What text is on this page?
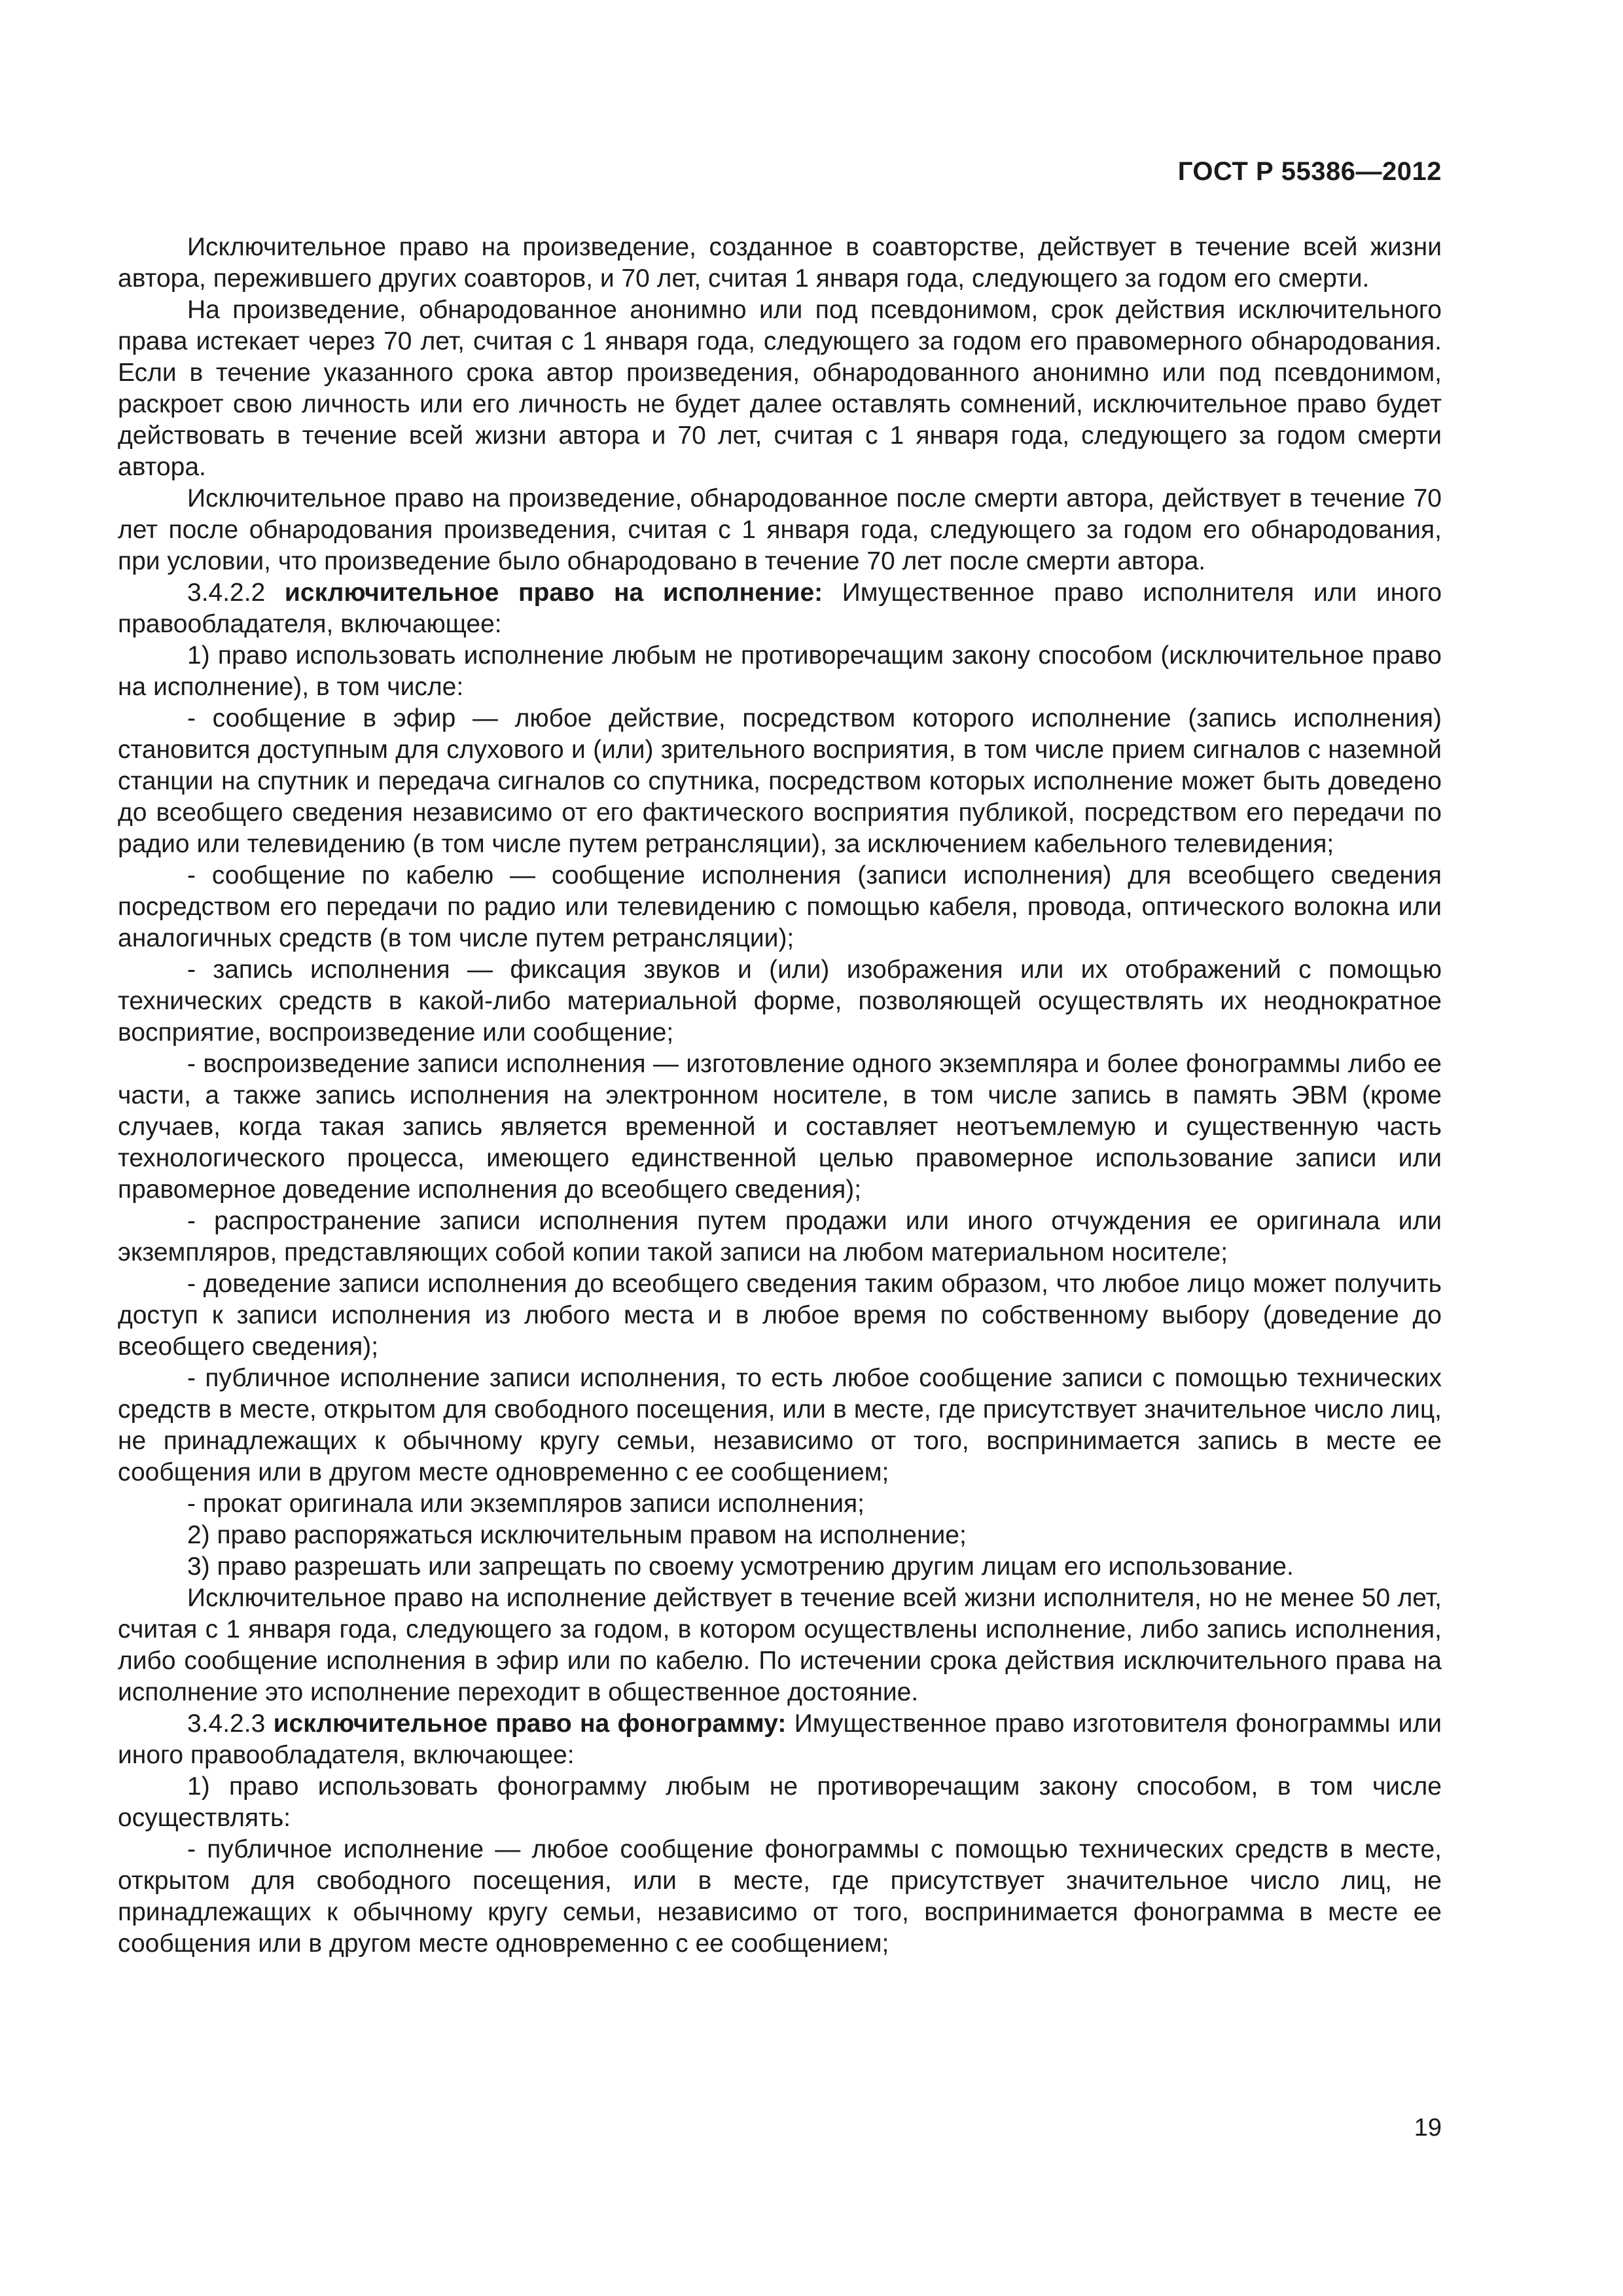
ГОСТ Р 55386—2012

Исключительное право на произведение, созданное в соавторстве, действует в течение всей жизни автора, пережившего других соавторов, и 70 лет, считая 1 января года, следующего за годом его смерти.

На произведение, обнародованное анонимно или под псевдонимом, срок действия исключительного права истекает через 70 лет, считая с 1 января года, следующего за годом его правомерного обнародования. Если в течение указанного срока автор произведения, обнародованного анонимно или под псевдонимом, раскроет свою личность или его личность не будет далее оставлять сомнений, исключительное право будет действовать в течение всей жизни автора и 70 лет, считая с 1 января года, следующего за годом смерти автора.

Исключительное право на произведение, обнародованное после смерти автора, действует в течение 70 лет после обнародования произведения, считая с 1 января года, следующего за годом его обнародования, при условии, что произведение было обнародовано в течение 70 лет после смерти автора.

3.4.2.2 исключительное право на исполнение: Имущественное право исполнителя или иного правообладателя, включающее:

1) право использовать исполнение любым не противоречащим закону способом (исключительное право на исполнение), в том числе:

- сообщение в эфир — любое действие, посредством которого исполнение (запись исполнения) становится доступным для слухового и (или) зрительного восприятия, в том числе прием сигналов с наземной станции на спутник и передача сигналов со спутника, посредством которых исполнение может быть доведено до всеобщего сведения независимо от его фактического восприятия публикой, посредством его передачи по радио или телевидению (в том числе путем ретрансляции), за исключением кабельного телевидения;

- сообщение по кабелю — сообщение исполнения (записи исполнения) для всеобщего сведения посредством его передачи по радио или телевидению с помощью кабеля, провода, оптического волокна или аналогичных средств (в том числе путем ретрансляции);

- запись исполнения — фиксация звуков и (или) изображения или их отображений с помощью технических средств в какой-либо материальной форме, позволяющей осуществлять их неоднократное восприятие, воспроизведение или сообщение;

- воспроизведение записи исполнения — изготовление одного экземпляра и более фонограммы либо ее части, а также запись исполнения на электронном носителе, в том числе запись в память ЭВМ (кроме случаев, когда такая запись является временной и составляет неотъемлемую и существенную часть технологического процесса, имеющего единственной целью правомерное использование записи или правомерное доведение исполнения до всеобщего сведения);

- распространение записи исполнения путем продажи или иного отчуждения ее оригинала или экземпляров, представляющих собой копии такой записи на любом материальном носителе;

- доведение записи исполнения до всеобщего сведения таким образом, что любое лицо может получить доступ к записи исполнения из любого места и в любое время по собственному выбору (доведение до всеобщего сведения);

- публичное исполнение записи исполнения, то есть любое сообщение записи с помощью технических средств в месте, открытом для свободного посещения, или в месте, где присутствует значительное число лиц, не принадлежащих к обычному кругу семьи, независимо от того, воспринимается запись в месте ее сообщения или в другом месте одновременно с ее сообщением;

- прокат оригинала или экземпляров записи исполнения;

2) право распоряжаться исключительным правом на исполнение;

3) право разрешать или запрещать по своему усмотрению другим лицам его использование.

Исключительное право на исполнение действует в течение всей жизни исполнителя, но не менее 50 лет, считая с 1 января года, следующего за годом, в котором осуществлены исполнение, либо запись исполнения, либо сообщение исполнения в эфир или по кабелю. По истечении срока действия исключительного права на исполнение это исполнение переходит в общественное достояние.

3.4.2.3 исключительное право на фонограмму: Имущественное право изготовителя фонограммы или иного правообладателя, включающее:

1) право использовать фонограмму любым не противоречащим закону способом, в том числе осуществлять:

- публичное исполнение — любое сообщение фонограммы с помощью технических средств в месте, открытом для свободного посещения, или в месте, где присутствует значительное число лиц, не принадлежащих к обычному кругу семьи, независимо от того, воспринимается фонограмма в месте ее сообщения или в другом месте одновременно с ее сообщением;

19
